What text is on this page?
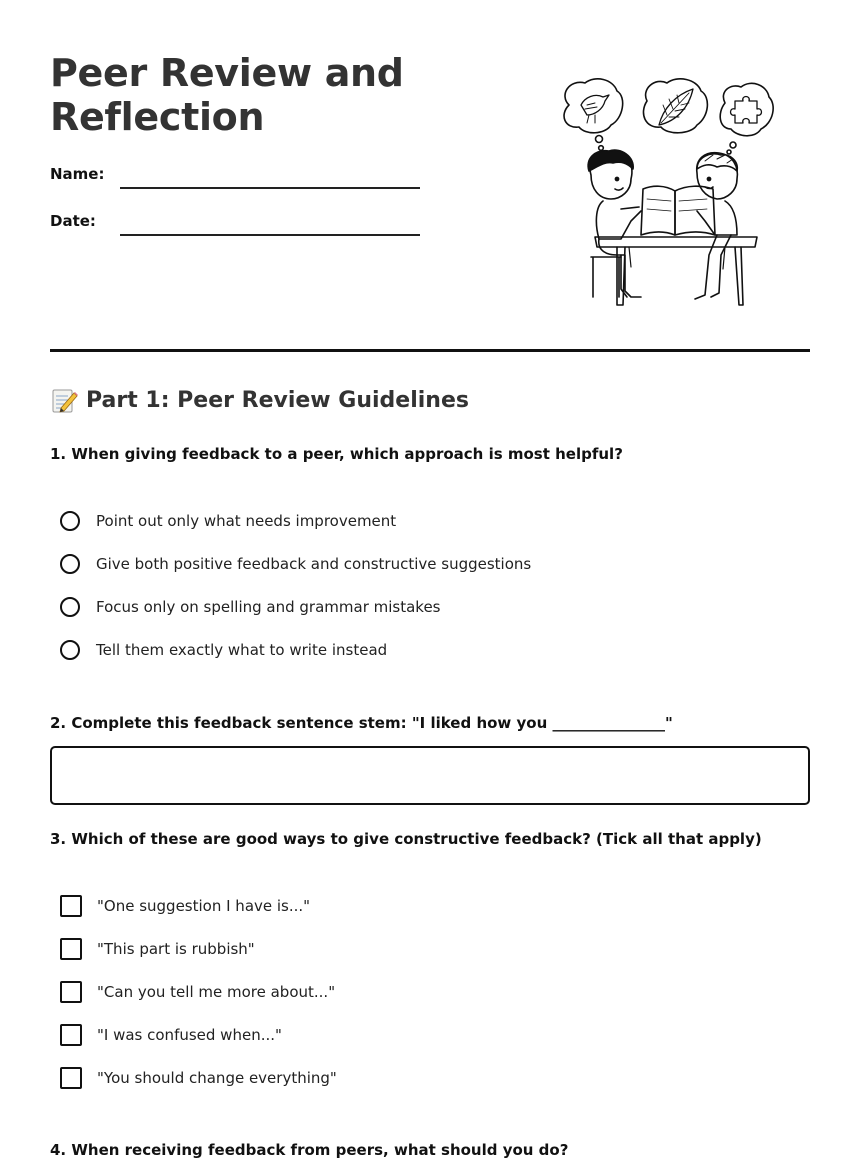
Peer Review and Reflection
Name:
Date:
Part 1: Peer Review Guidelines
1. When giving feedback to a peer, which approach is most helpful?
Point out only what needs improvement
Give both positive feedback and constructive suggestions
Focus only on spelling and grammar mistakes
Tell them exactly what to write instead
2. Complete this feedback sentence stem: "I liked how you _______________"
3. Which of these are good ways to give constructive feedback? (Tick all that apply)
"One suggestion I have is..."
"This part is rubbish"
"Can you tell me more about..."
"I was confused when..."
"You should change everything"
4. When receiving feedback from peers, what should you do?
